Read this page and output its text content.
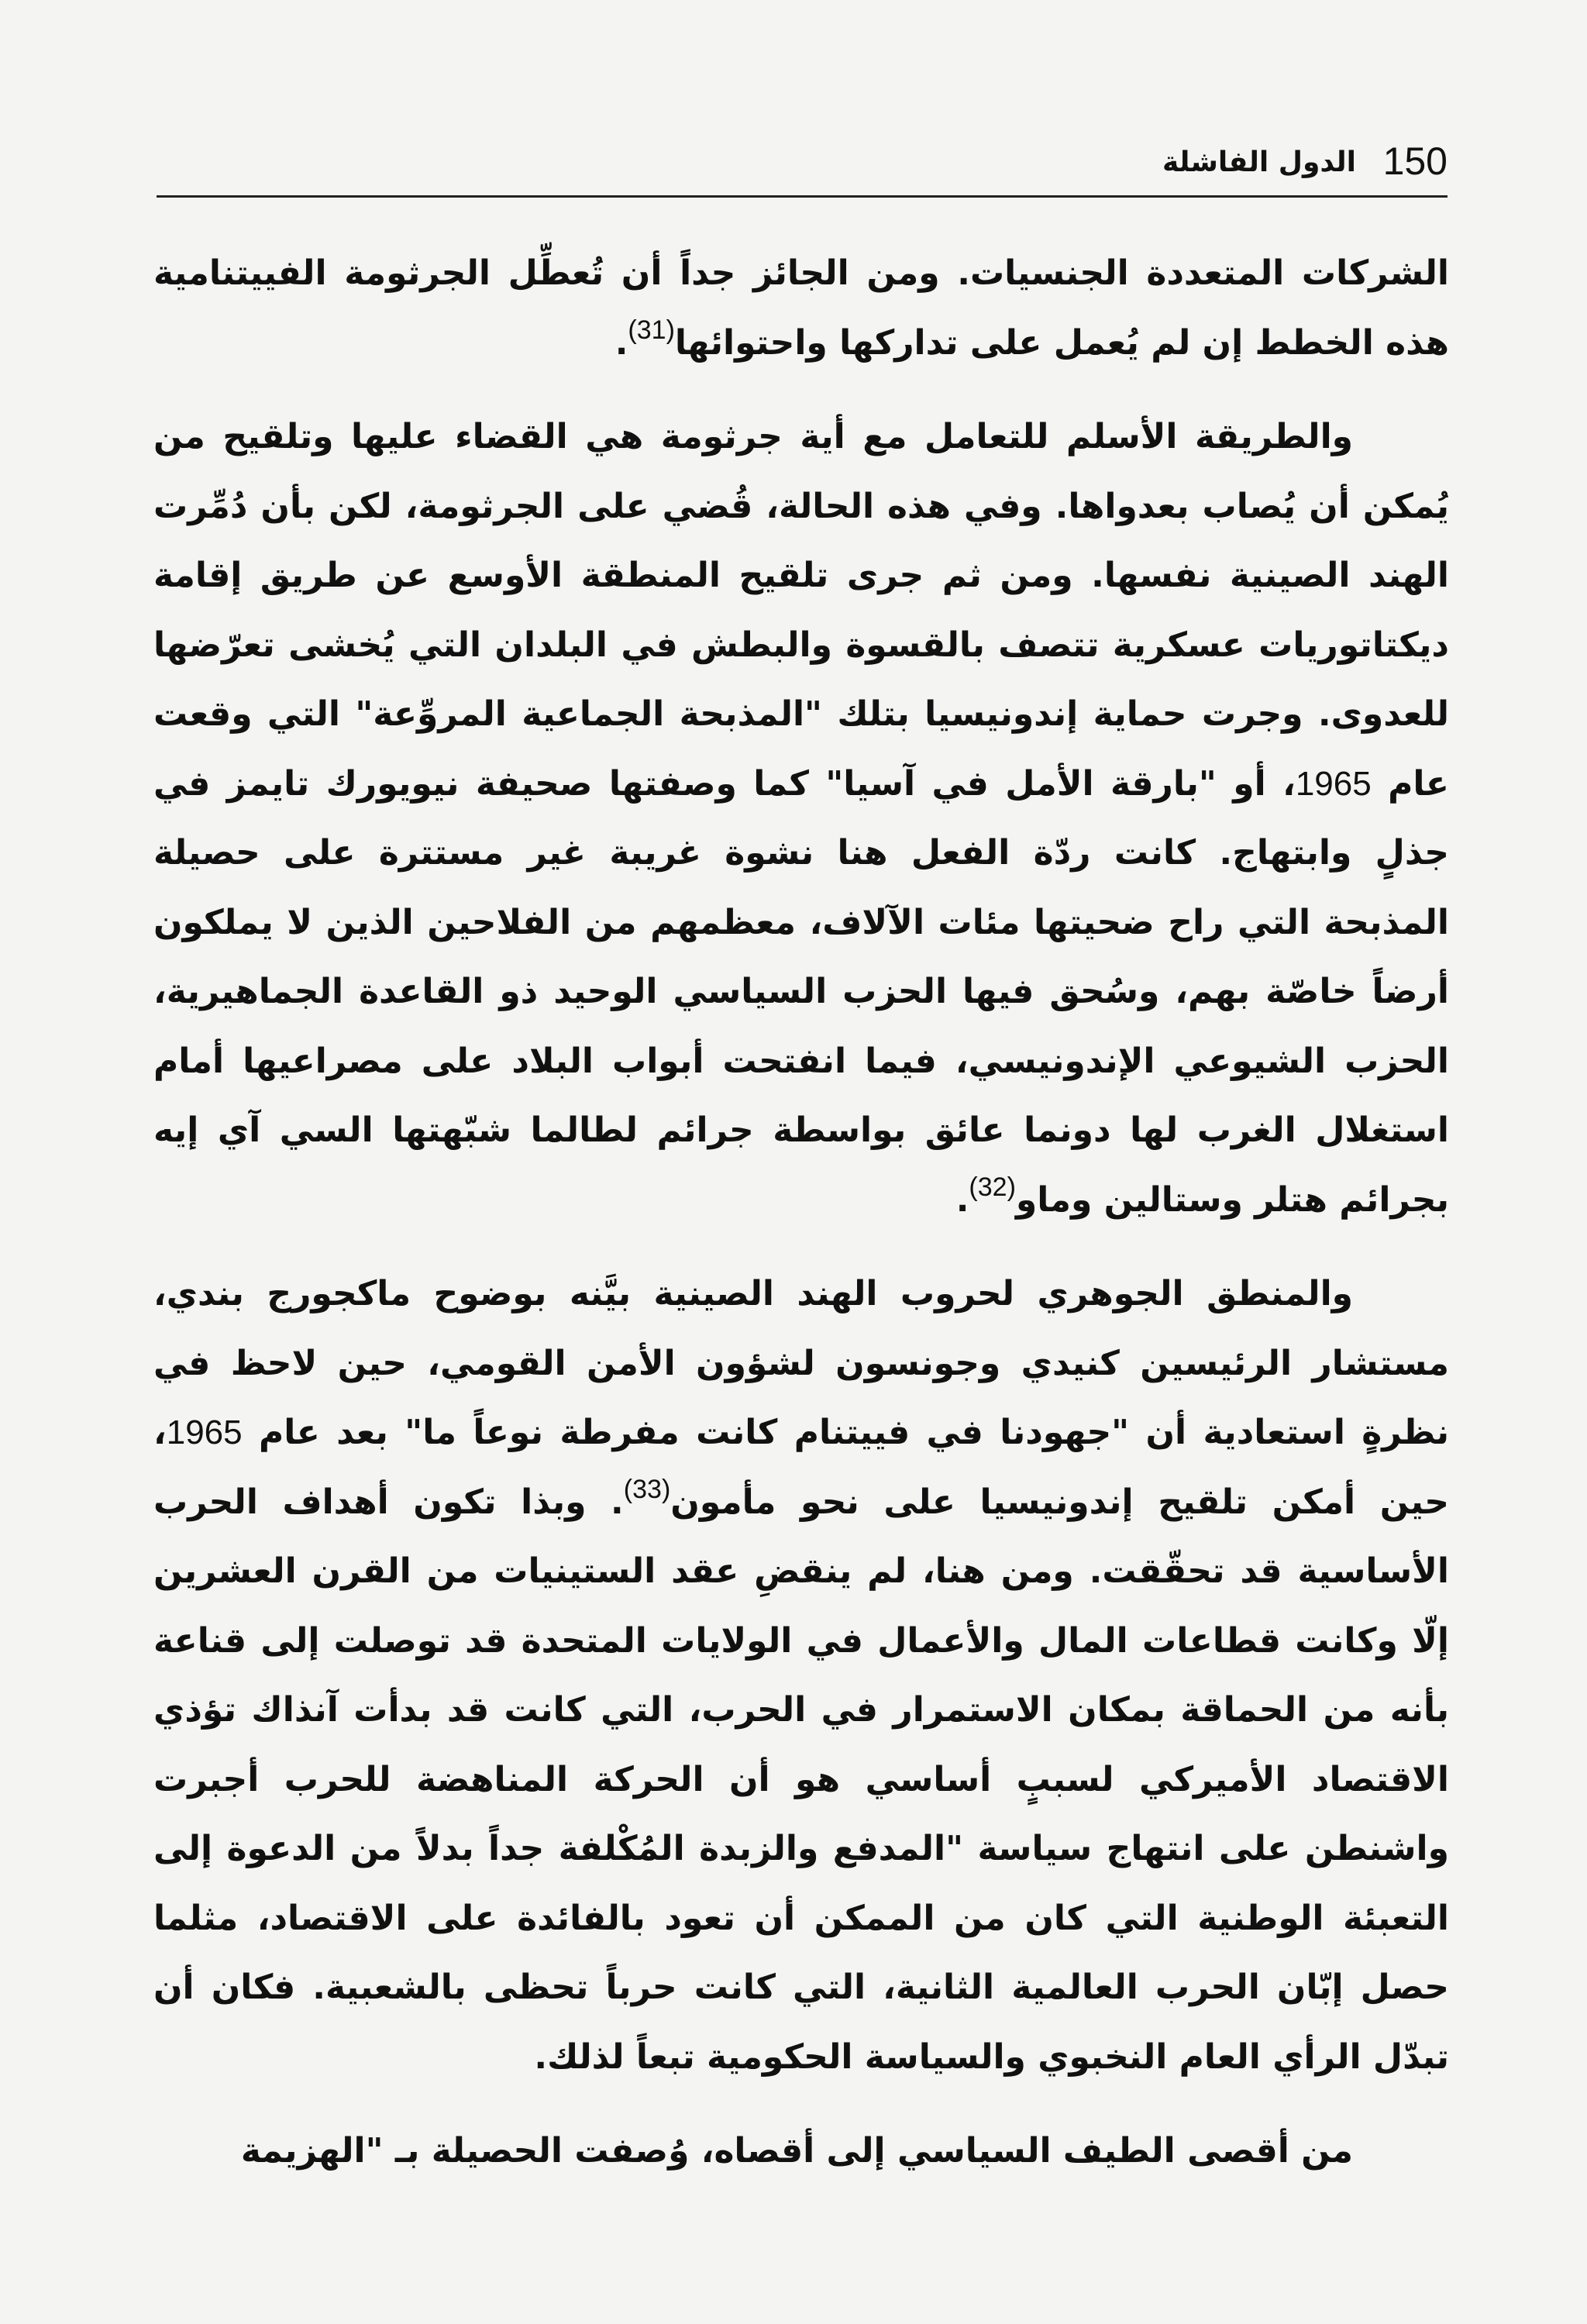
150
الدول الفاشلة

الشركات المتعددة الجنسيات. ومن الجائز جداً أن تُعطِّل الجرثومة الفييتنامية هذه الخطط إن لم يُعمل على تداركها واحتوائها$^{(31)}$.

والطريقة الأسلم للتعامل مع أية جرثومة هي القضاء عليها وتلقيح من يُمكن أن يُصاب بعدواها. وفي هذه الحالة، قُضي على الجرثومة، لكن بأن دُمِّرت الهند الصينية نفسها. ومن ثم جرى تلقيح المنطقة الأوسع عن طريق إقامة ديكتاتوريات عسكرية تتصف بالقسوة والبطش في البلدان التي يُخشى تعرّضها للعدوى. وجرت حماية إندونيسيا بتلك "المذبحة الجماعية المروِّعة" التي وقعت عام 1965، أو "بارقة الأمل في آسيا" كما وصفتها صحيفة نيويورك تايمز في جذلٍ وابتهاج. كانت ردّة الفعل هنا نشوة غريبة غير مستترة على حصيلة المذبحة التي راح ضحيتها مئات الآلاف، معظمهم من الفلاحين الذين لا يملكون أرضاً خاصّة بهم، وسُحق فيها الحزب السياسي الوحيد ذو القاعدة الجماهيرية، الحزب الشيوعي الإندونيسي، فيما انفتحت أبواب البلاد على مصراعيها أمام استغلال الغرب لها دونما عائق بواسطة جرائم لطالما شبّهتها السي آي إيه بجرائم هتلر وستالين وماو$^{(32)}$.

والمنطق الجوهري لحروب الهند الصينية بيَّنه بوضوح ماكجورج بندي، مستشار الرئيسين كنيدي وجونسون لشؤون الأمن القومي، حين لاحظ في نظرةٍ استعادية أن "جهودنا في فييتنام كانت مفرطة نوعاً ما" بعد عام 1965، حين أمكن تلقيح إندونيسيا على نحو مأمون$^{(33)}$. وبذا تكون أهداف الحرب الأساسية قد تحقّقت. ومن هنا، لم ينقضِ عقد الستينيات من القرن العشرين إلّا وكانت قطاعات المال والأعمال في الولايات المتحدة قد توصلت إلى قناعة بأنه من الحماقة بمكان الاستمرار في الحرب، التي كانت قد بدأت آنذاك تؤذي الاقتصاد الأميركي لسببٍ أساسي هو أن الحركة المناهضة للحرب أجبرت واشنطن على انتهاج سياسة "المدفع والزبدة المُكْلفة جداً بدلاً من الدعوة إلى التعبئة الوطنية التي كان من الممكن أن تعود بالفائدة على الاقتصاد، مثلما حصل إبّان الحرب العالمية الثانية، التي كانت حرباً تحظى بالشعبية. فكان أن تبدّل الرأي العام النخبوي والسياسة الحكومية تبعاً لذلك.

من أقصى الطيف السياسي إلى أقصاه، وُصفت الحصيلة بـ "الهزيمة
